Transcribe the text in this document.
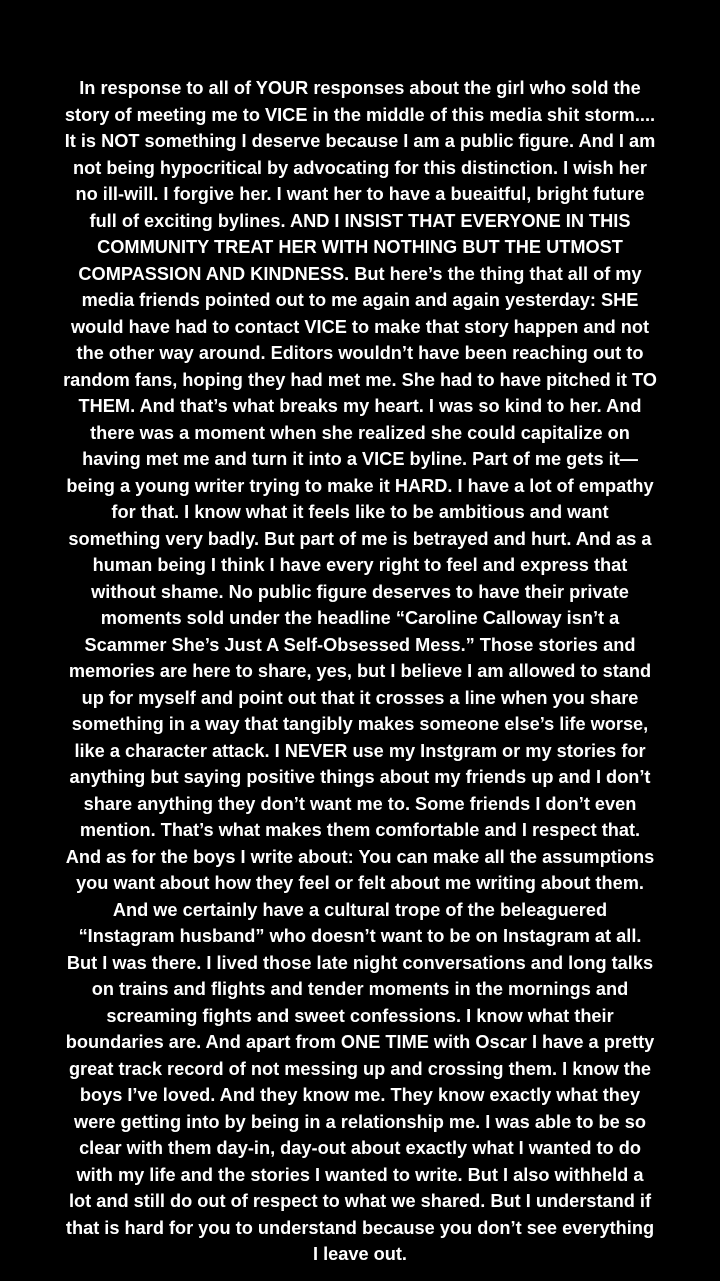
In response to all of YOUR responses about the girl who sold the
story of meeting me to VICE in the middle of this media shit storm....
It is NOT something I deserve because I am a public figure. And I am
not being hypocritical by advocating for this distinction. I wish her
no ill-will. I forgive her. I want her to have a bueaitful, bright future
full of exciting bylines. AND I INSIST THAT EVERYONE IN THIS
COMMUNITY TREAT HER WITH NOTHING BUT THE UTMOST
COMPASSION AND KINDNESS. But here’s the thing that all of my
media friends pointed out to me again and again yesterday: SHE
would have had to contact VICE to make that story happen and not
the other way around. Editors wouldn’t have been reaching out to
random fans, hoping they had met me. She had to have pitched it TO
THEM. And that’s what breaks my heart. I was so kind to her. And
there was a moment when she realized she could capitalize on
having met me and turn it into a VICE byline. Part of me gets it—
being a young writer trying to make it HARD. I have a lot of empathy
for that. I know what it feels like to be ambitious and want
something very badly. But part of me is betrayed and hurt. And as a
human being I think I have every right to feel and express that
without shame. No public figure deserves to have their private
moments sold under the headline “Caroline Calloway isn’t a
Scammer She’s Just A Self-Obsessed Mess.” Those stories and
memories are here to share, yes, but I believe I am allowed to stand
up for myself and point out that it crosses a line when you share
something in a way that tangibly makes someone else’s life worse,
like a character attack. I NEVER use my Instgram or my stories for
anything but saying positive things about my friends up and I don’t
share anything they don’t want me to. Some friends I don’t even
mention. That’s what makes them comfortable and I respect that.
And as for the boys I write about: You can make all the assumptions
you want about how they feel or felt about me writing about them.
And we certainly have a cultural trope of the beleaguered
“Instagram husband” who doesn’t want to be on Instagram at all.
But I was there. I lived those late night conversations and long talks
on trains and flights and tender moments in the mornings and
screaming fights and sweet confessions. I know what their
boundaries are. And apart from ONE TIME with Oscar I have a pretty
great track record of not messing up and crossing them. I know the
boys I’ve loved. And they know me. They know exactly what they
were getting into by being in a relationship me. I was able to be so
clear with them day-in, day-out about exactly what I wanted to do
with my life and the stories I wanted to write. But I also withheld a
lot and still do out of respect to what we shared. But I understand if
that is hard for you to understand because you don’t see everything
I leave out.
